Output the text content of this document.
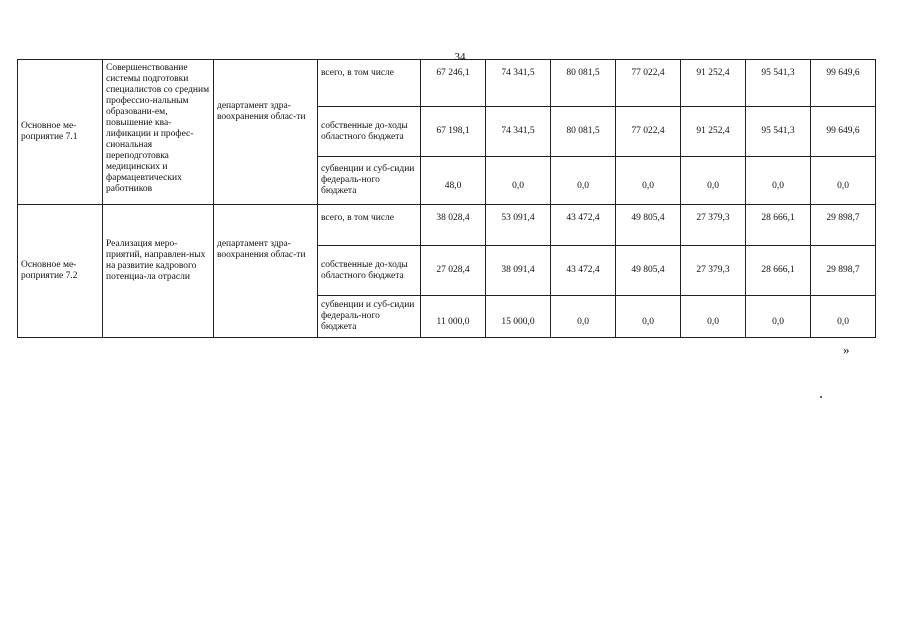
34
Основное ме-роприятие 7.1	Совершенствование системы подготовки специалистов со средним профессио-нальным образовани-ем, повышение ква-лификации и профес-сиональная переподготовка медицинских и фармацевтических работников	департамент здра-воохранения облас-ти	всего, в том числе	67 246,1	74 341,5	80 081,5	77 022,4	91 252,4	95 541,3	99 649,6
			собственные до-ходы областного бюджета	67 198,1	74 341,5	80 081,5	77 022,4	91 252,4	95 541,3	99 649,6
			субвенции и суб-сидии федераль-ного бюджета	48,0	0,0	0,0	0,0	0,0	0,0	0,0
Основное ме-роприятие 7.2	Реализация меро-приятий, направлен-ных на развитие кадрового потенциа-ла отрасли	департамент здра-воохранения облас-ти	всего, в том числе	38 028,4	53 091,4	43 472,4	49 805,4	27 379,3	28 666,1	29 898,7
			собственные до-ходы областного бюджета	27 028,4	38 091,4	43 472,4	49 805,4	27 379,3	28 666,1	29 898,7
			субвенции и суб-сидии федераль-ного бюджета	11 000,0	15 000,0	0,0	0,0	0,0	0,0	0,0
»
